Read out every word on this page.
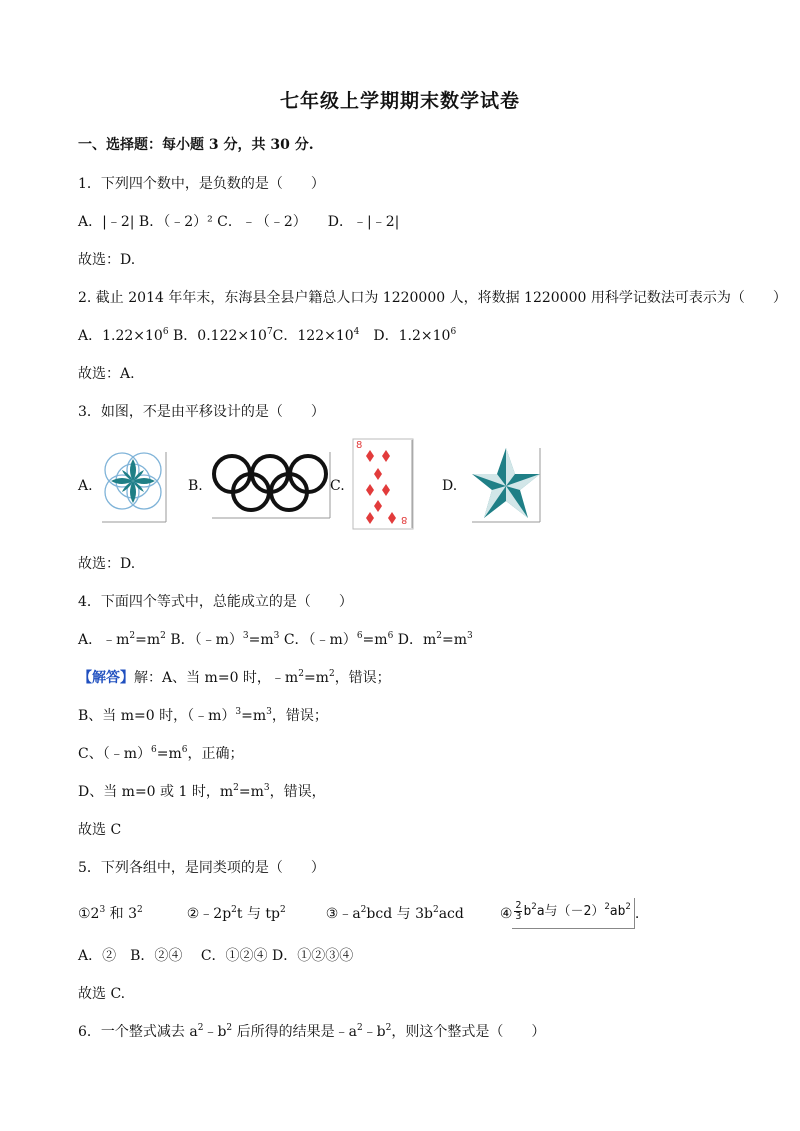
七年级上学期期末数学试卷
一、选择题：每小题 3 分，共 30 分.
1．下列四个数中，是负数的是（　　）
A．|﹣2| B．（﹣2）² C．﹣（﹣2）　　D．﹣|﹣2|
故选：D.
2. 截止 2014 年年末，东海县全县户籍总人口为 1220000 人，将数据 1220000 用科学记数法可表示为（　　）
A．$1.22\times 10^6$ B．$0.122\times 10^7C$．$122\times 10^4$　D．$1.2\times 10^6$
故选：A.
3．如图，不是由平移设计的是（　　）
A.	B.	C.
8
8
D.
故选：D.
4．下面四个等式中，总能成立的是（　　）
A．$﹣m^2=m^2$ B．$(﹣m)^3=m^3$ C．$(﹣m)^6=m^6$ D．$m^2=m^3$
【解答】解：A、当 m=0 时，$﹣m^2=m^2$，错误；
B、当 m=0 时，$(﹣m)^3=m^3$，错误；
C、$(﹣m)^6=m^6$，正确；
D、当 m=0 或 1 时，$m^2=m^3$，错误，
故选 C
5．下列各组中，是同类项的是（　　）
$①2^3$ 和 $3^2$	$②﹣2p^2t$ 与 $tp^2$	$③﹣a^2bcd$ 与 $3b^2acd$	④ $\frac{2}{3} b^2a$与$(-2)^2ab^2$ .
A．②　B．②④　 C．①②④ D．①②③④
故选 C.
6．一个整式减去 $a^2﹣b^2$ 后所得的结果是$﹣a^2﹣b^2$，则这个整式是（　　）
